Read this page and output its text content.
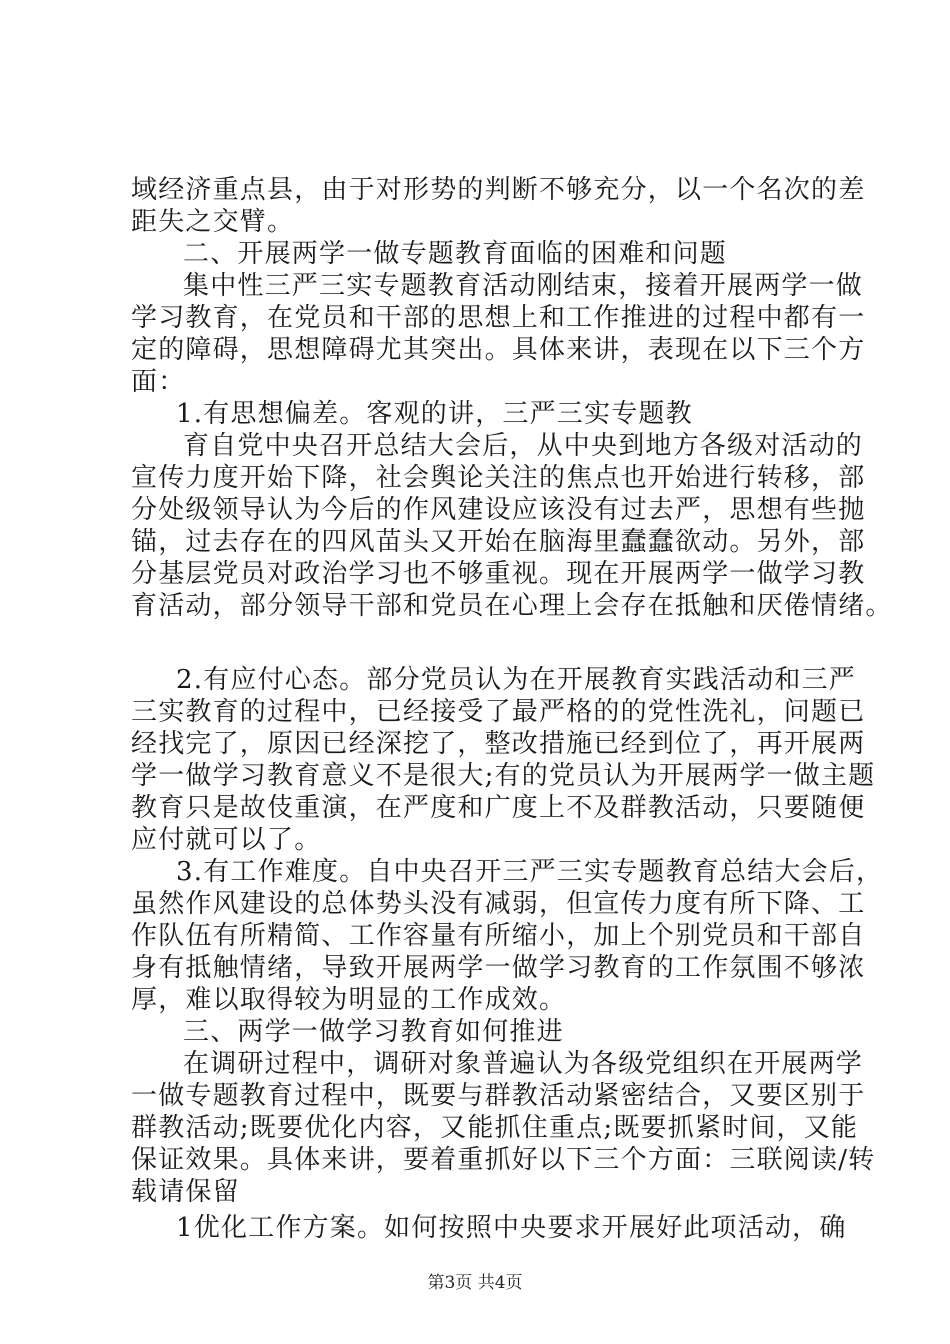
域经济重点县，由于对形势的判断不够充分，以一个名次的差
距失之交臂。
二、开展两学一做专题教育面临的困难和问题
集中性三严三实专题教育活动刚结束，接着开展两学一做
学习教育，在党员和干部的思想上和工作推进的过程中都有一
定的障碍，思想障碍尤其突出。具体来讲，表现在以下三个方
面：
1.有思想偏差。客观的讲，三严三实专题教
育自党中央召开总结大会后，从中央到地方各级对活动的
宣传力度开始下降，社会舆论关注的焦点也开始进行转移，部
分处级领导认为今后的作风建设应该没有过去严，思想有些抛
锚，过去存在的四风苗头又开始在脑海里蠢蠢欲动。另外，部
分基层党员对政治学习也不够重视。现在开展两学一做学习教
育活动，部分领导干部和党员在心理上会存在抵触和厌倦情绪。
2.有应付心态。部分党员认为在开展教育实践活动和三严
三实教育的过程中，已经接受了最严格的的党性洗礼，问题已
经找完了，原因已经深挖了，整改措施已经到位了，再开展两
学一做学习教育意义不是很大;有的党员认为开展两学一做主题
教育只是故伎重演，在严度和广度上不及群教活动，只要随便
应付就可以了。
3.有工作难度。自中央召开三严三实专题教育总结大会后，
虽然作风建设的总体势头没有减弱，但宣传力度有所下降、工
作队伍有所精简、工作容量有所缩小，加上个别党员和干部自
身有抵触情绪，导致开展两学一做学习教育的工作氛围不够浓
厚，难以取得较为明显的工作成效。
三、两学一做学习教育如何推进
在调研过程中，调研对象普遍认为各级党组织在开展两学
一做专题教育过程中，既要与群教活动紧密结合，又要区别于
群教活动;既要优化内容，又能抓住重点;既要抓紧时间，又能
保证效果。具体来讲，要着重抓好以下三个方面：三联阅读/转
载请保留
1优化工作方案。如何按照中央要求开展好此项活动，确
第3页 共4页
